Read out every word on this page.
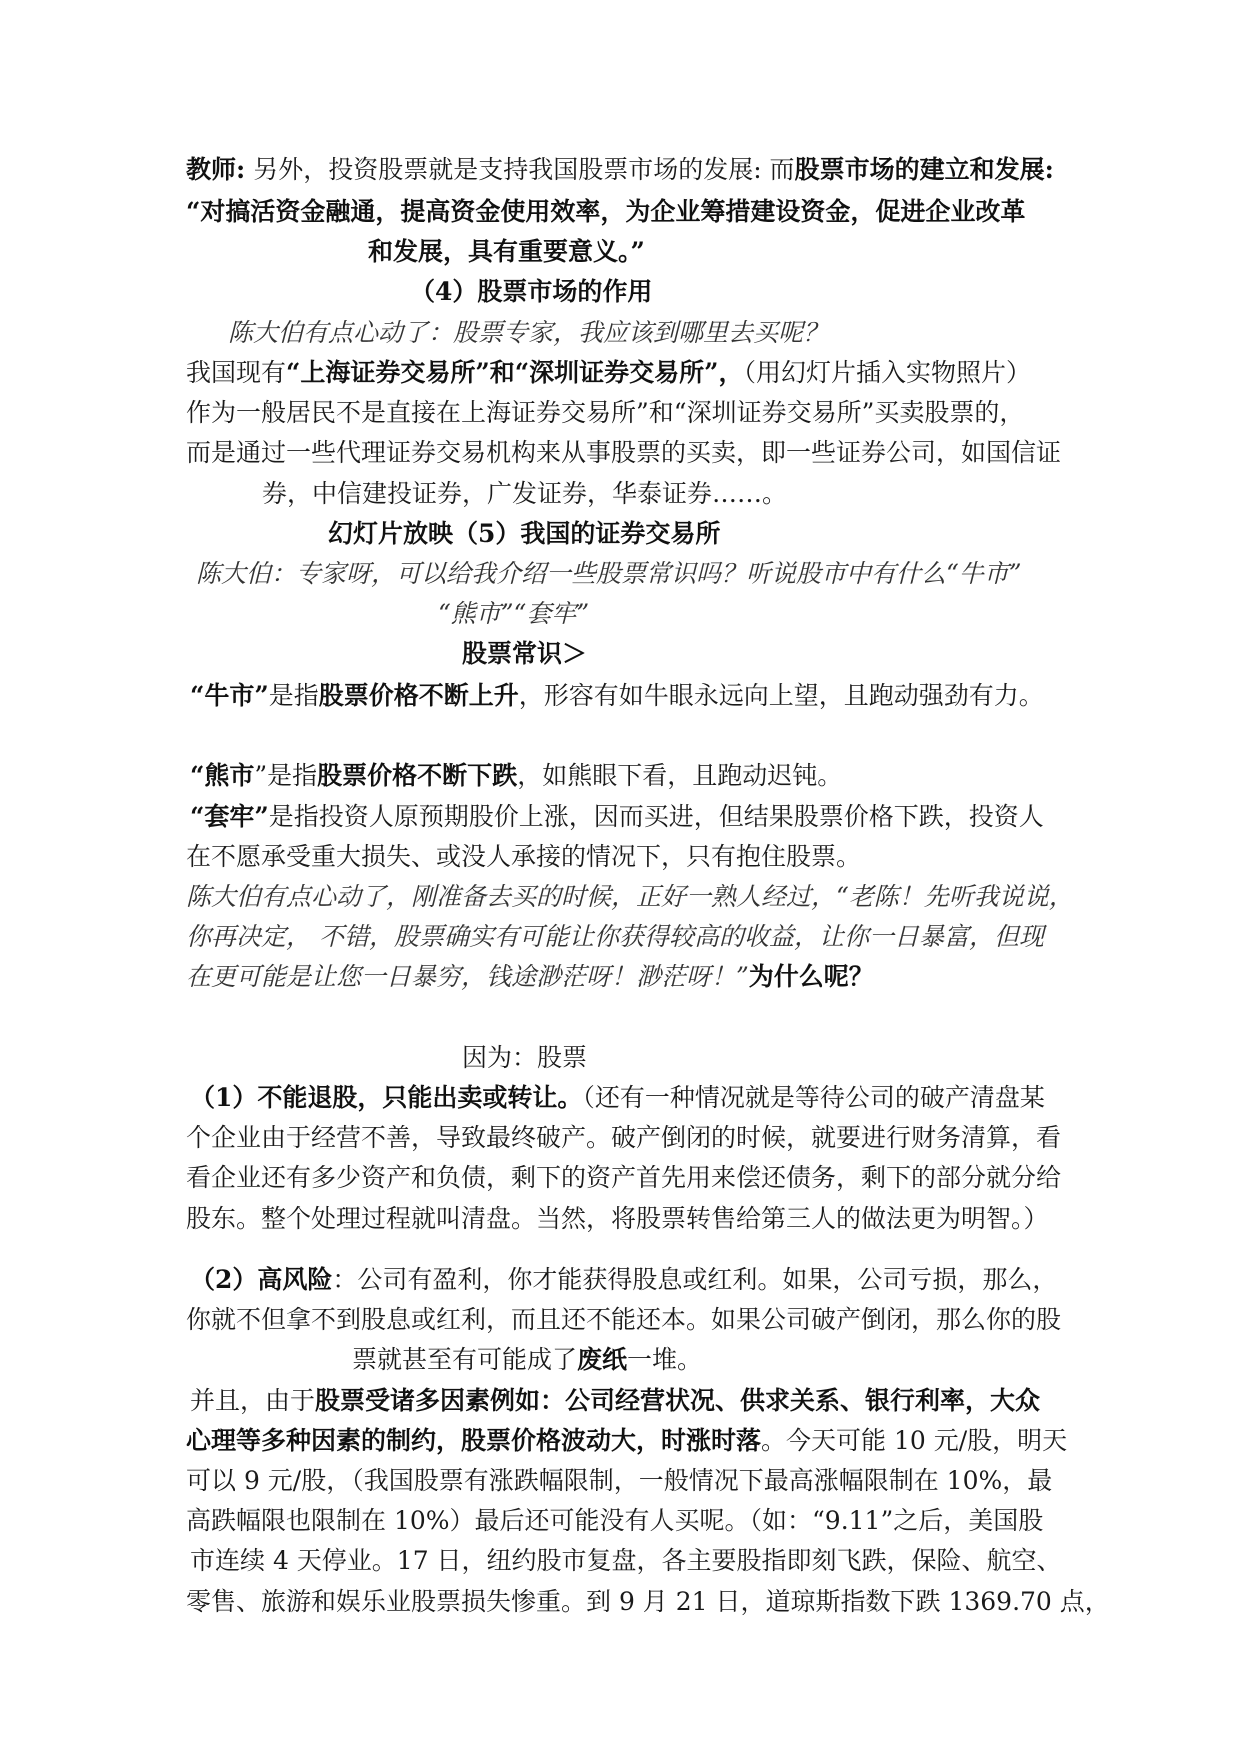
教师: 另外，投资股票就是支持我国股票市场的发展: 而股票市场的建立和发展:
“对搞活资金融通，提高资金使用效率，为企业筹措建设资金，促进企业改革
和发展，具有重要意义。”
（4）股票市场的作用
陈大伯有点心动了：股票专家，我应该到哪里去买呢？
我国现有“上海证券交易所”和“深圳证券交易所”，（用幻灯片插入实物照片）
作为一般居民不是直接在上海证券交易所”和“深圳证券交易所”买卖股票的，
而是通过一些代理证券交易机构来从事股票的买卖，即一些证券公司，如国信证
券，中信建投证券，广发证券，华泰证券……。
幻灯片放映（5）我国的证券交易所
陈大伯：专家呀，可以给我介绍一些股票常识吗？听说股市中有什么“牛市”
“熊市”“套牢”
股票常识＞
“牛市”是指股票价格不断上升，形容有如牛眼永远向上望，且跑动强劲有力。
“熊市”是指股票价格不断下跌，如熊眼下看，且跑动迟钝。
“套牢”是指投资人原预期股价上涨，因而买进，但结果股票价格下跌，投资人
在不愿承受重大损失、或没人承接的情况下，只有抱住股票。
陈大伯有点心动了，刚准备去买的时候，正好一熟人经过，“老陈！先听我说说，
你再决定， 不错，股票确实有可能让你获得较高的收益，让你一日暴富，但现
在更可能是让您一日暴穷，钱途渺茫呀！渺茫呀！”为什么呢？
因为：股票
（1）不能退股，只能出卖或转让。（还有一种情况就是等待公司的破产清盘某
个企业由于经营不善，导致最终破产。破产倒闭的时候，就要进行财务清算，看
看企业还有多少资产和负债，剩下的资产首先用来偿还债务，剩下的部分就分给
股东。整个处理过程就叫清盘。当然，将股票转售给第三人的做法更为明智。）
（2）高风险：公司有盈利，你才能获得股息或红利。如果，公司亏损，那么，
你就不但拿不到股息或红利，而且还不能还本。如果公司破产倒闭，那么你的股
票就甚至有可能成了废纸一堆。
并且，由于股票受诸多因素例如：公司经营状况、供求关系、银行利率，大众
心理等多种因素的制约，股票价格波动大，时涨时落。今天可能 10 元/股，明天
可以 9 元/股，（我国股票有涨跌幅限制，一般情况下最高涨幅限制在 10%，最
高跌幅限也限制在 10%）最后还可能没有人买呢。（如：“9.11”之后，美国股
市连续 4 天停业。17 日，纽约股市复盘，各主要股指即刻飞跌，保险、航空、
零售、旅游和娱乐业股票损失惨重。到 9 月 21 日，道琼斯指数下跌 1369.70 点，
